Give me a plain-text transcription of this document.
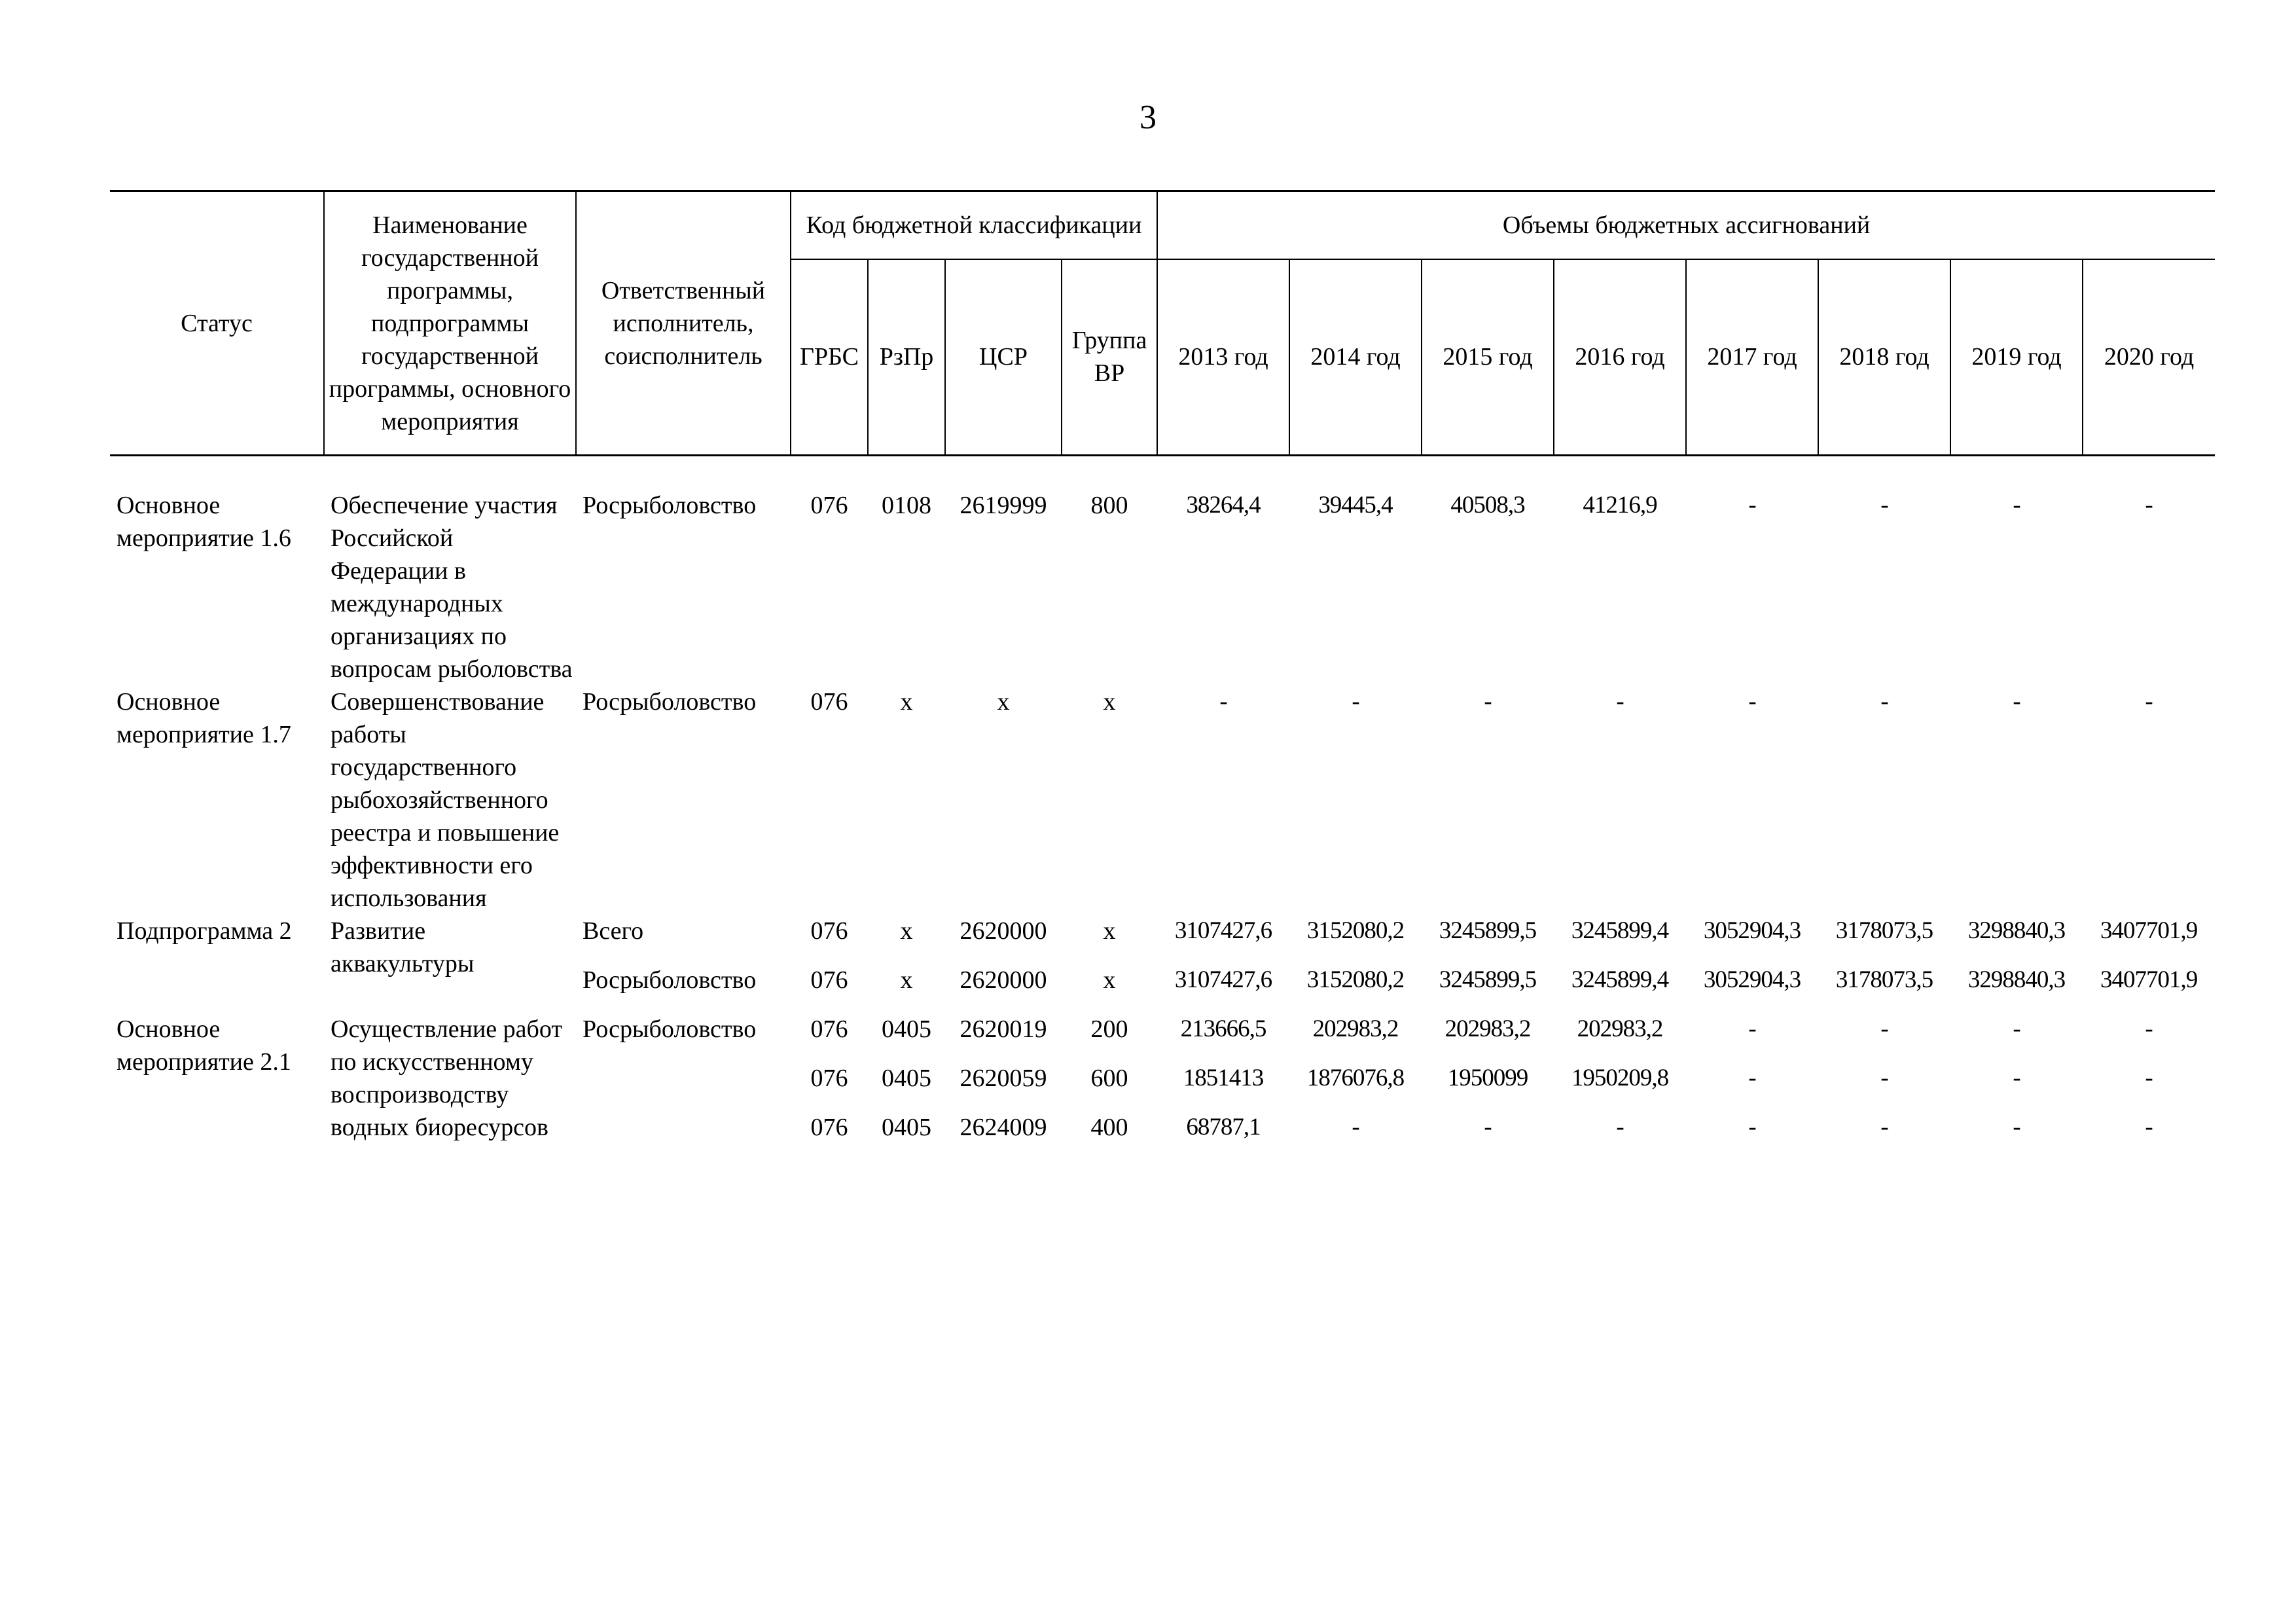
3
Статус	Наименование государственной программы, подпрограммы государственной программы, основного мероприятия	Ответственный исполнитель, соисполнитель	Код бюджетной классификации				Объемы бюджетных ассигнований							
			ГРБС	РзПр	ЦСР	Группа ВР	2013 год	2014 год	2015 год	2016 год	2017 год	2018 год	2019 год	2020 год

Основное мероприятие 1.6	Обеспечение участия Российской Федерации в международных организациях по вопросам рыболовства	Росрыболовство	076	0108	2619999	800	38264,4	39445,4	40508,3	41216,9	-	-	-	-
Основное мероприятие 1.7	Совершенствование работы государственного рыбохозяйственного реестра и повышение эффективности его использования	Росрыболовство	076	х	х	х	-	-	-	-	-	-	-	-
Подпрограмма 2	Развитие аквакультуры	Всего	076	х	2620000	х	3107427,6	3152080,2	3245899,5	3245899,4	3052904,3	3178073,5	3298840,3	3407701,9
		Росрыболовство	076	х	2620000	х	3107427,6	3152080,2	3245899,5	3245899,4	3052904,3	3178073,5	3298840,3	3407701,9
Основное мероприятие 2.1	Осуществление работ по искусственному воспроизводству водных биоресурсов	Росрыболовство	076	0405	2620019	200	213666,5	202983,2	202983,2	202983,2	-	-	-	-
			076	0405	2620059	600	1851413	1876076,8	1950099	1950209,8	-	-	-	-
			076	0405	2624009	400	68787,1	-	-	-	-	-	-	-
